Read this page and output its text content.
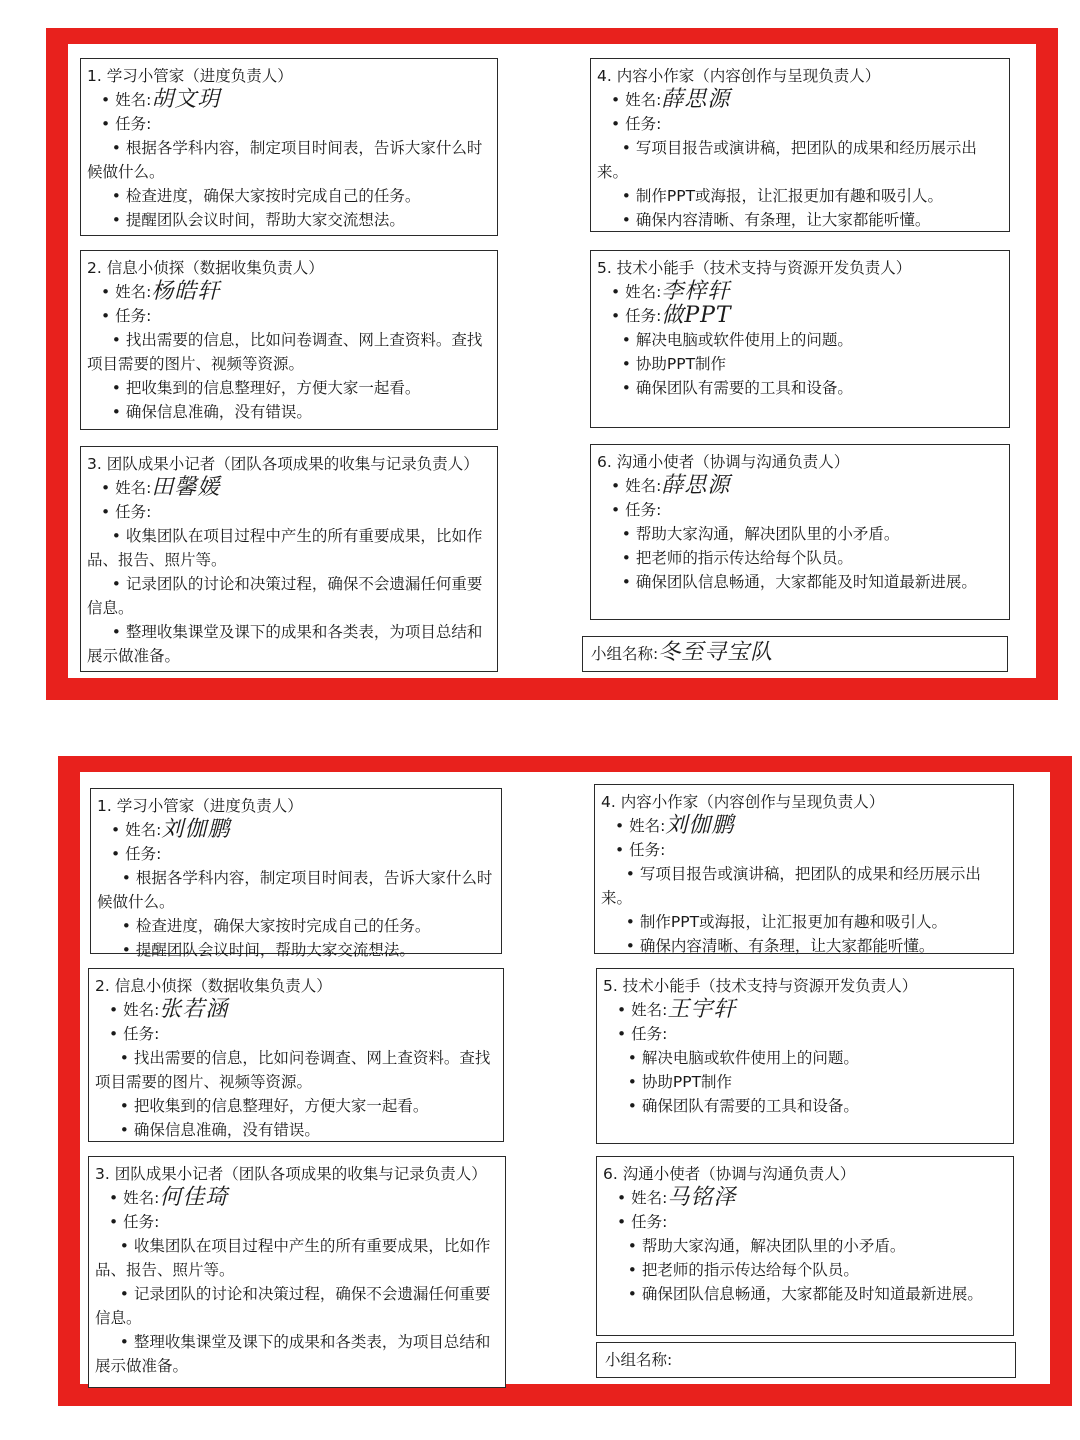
1. 学习小管家（进度负责人）
• 姓名:胡文玥
• 任务:
• 根据各学科内容，制定项目时间表，告诉大家什么时候做什么。
• 检查进度，确保大家按时完成自己的任务。
• 提醒团队会议时间，帮助大家交流想法。
2. 信息小侦探（数据收集负责人）
• 姓名:杨皓轩
• 任务:
• 找出需要的信息，比如问卷调查、网上查资料。查找项目需要的图片、视频等资源。
• 把收集到的信息整理好，方便大家一起看。
• 确保信息准确，没有错误。
3. 团队成果小记者（团队各项成果的收集与记录负责人）
• 姓名:田馨媛
• 任务:
• 收集团队在项目过程中产生的所有重要成果，比如作品、报告、照片等。
• 记录团队的讨论和决策过程，确保不会遗漏任何重要信息。
• 整理收集课堂及课下的成果和各类表，为项目总结和展示做准备。
4. 内容小作家（内容创作与呈现负责人）
• 姓名:薛思源
• 任务:
• 写项目报告或演讲稿，把团队的成果和经历展示出来。
• 制作PPT或海报，让汇报更加有趣和吸引人。
• 确保内容清晰、有条理，让大家都能听懂。
5. 技术小能手（技术支持与资源开发负责人）
• 姓名:李梓轩
• 任务:做PPT
• 解决电脑或软件使用上的问题。
• 协助PPT制作
• 确保团队有需要的工具和设备。
6. 沟通小使者（协调与沟通负责人）
• 姓名:薛思源
• 任务:
• 帮助大家沟通，解决团队里的小矛盾。
• 把老师的指示传达给每个队员。
• 确保团队信息畅通，大家都能及时知道最新进展。
小组名称:冬至寻宝队
1. 学习小管家（进度负责人）
• 姓名:刘伽鹏
• 任务:
• 根据各学科内容，制定项目时间表，告诉大家什么时候做什么。
• 检查进度，确保大家按时完成自己的任务。
• 提醒团队会议时间，帮助大家交流想法。
2. 信息小侦探（数据收集负责人）
• 姓名:张若涵
• 任务:
• 找出需要的信息，比如问卷调查、网上查资料。查找项目需要的图片、视频等资源。
• 把收集到的信息整理好，方便大家一起看。
• 确保信息准确，没有错误。
3. 团队成果小记者（团队各项成果的收集与记录负责人）
• 姓名:何佳琦
• 任务:
• 收集团队在项目过程中产生的所有重要成果，比如作品、报告、照片等。
• 记录团队的讨论和决策过程，确保不会遗漏任何重要信息。
• 整理收集课堂及课下的成果和各类表，为项目总结和展示做准备。
4. 内容小作家（内容创作与呈现负责人）
• 姓名:刘伽鹏
• 任务:
• 写项目报告或演讲稿，把团队的成果和经历展示出来。
• 制作PPT或海报，让汇报更加有趣和吸引人。
• 确保内容清晰、有条理，让大家都能听懂。
5. 技术小能手（技术支持与资源开发负责人）
• 姓名:王宇轩
• 任务:
• 解决电脑或软件使用上的问题。
• 协助PPT制作
• 确保团队有需要的工具和设备。
6. 沟通小使者（协调与沟通负责人）
• 姓名:马铭泽
• 任务:
• 帮助大家沟通，解决团队里的小矛盾。
• 把老师的指示传达给每个队员。
• 确保团队信息畅通，大家都能及时知道最新进展。
小组名称:
